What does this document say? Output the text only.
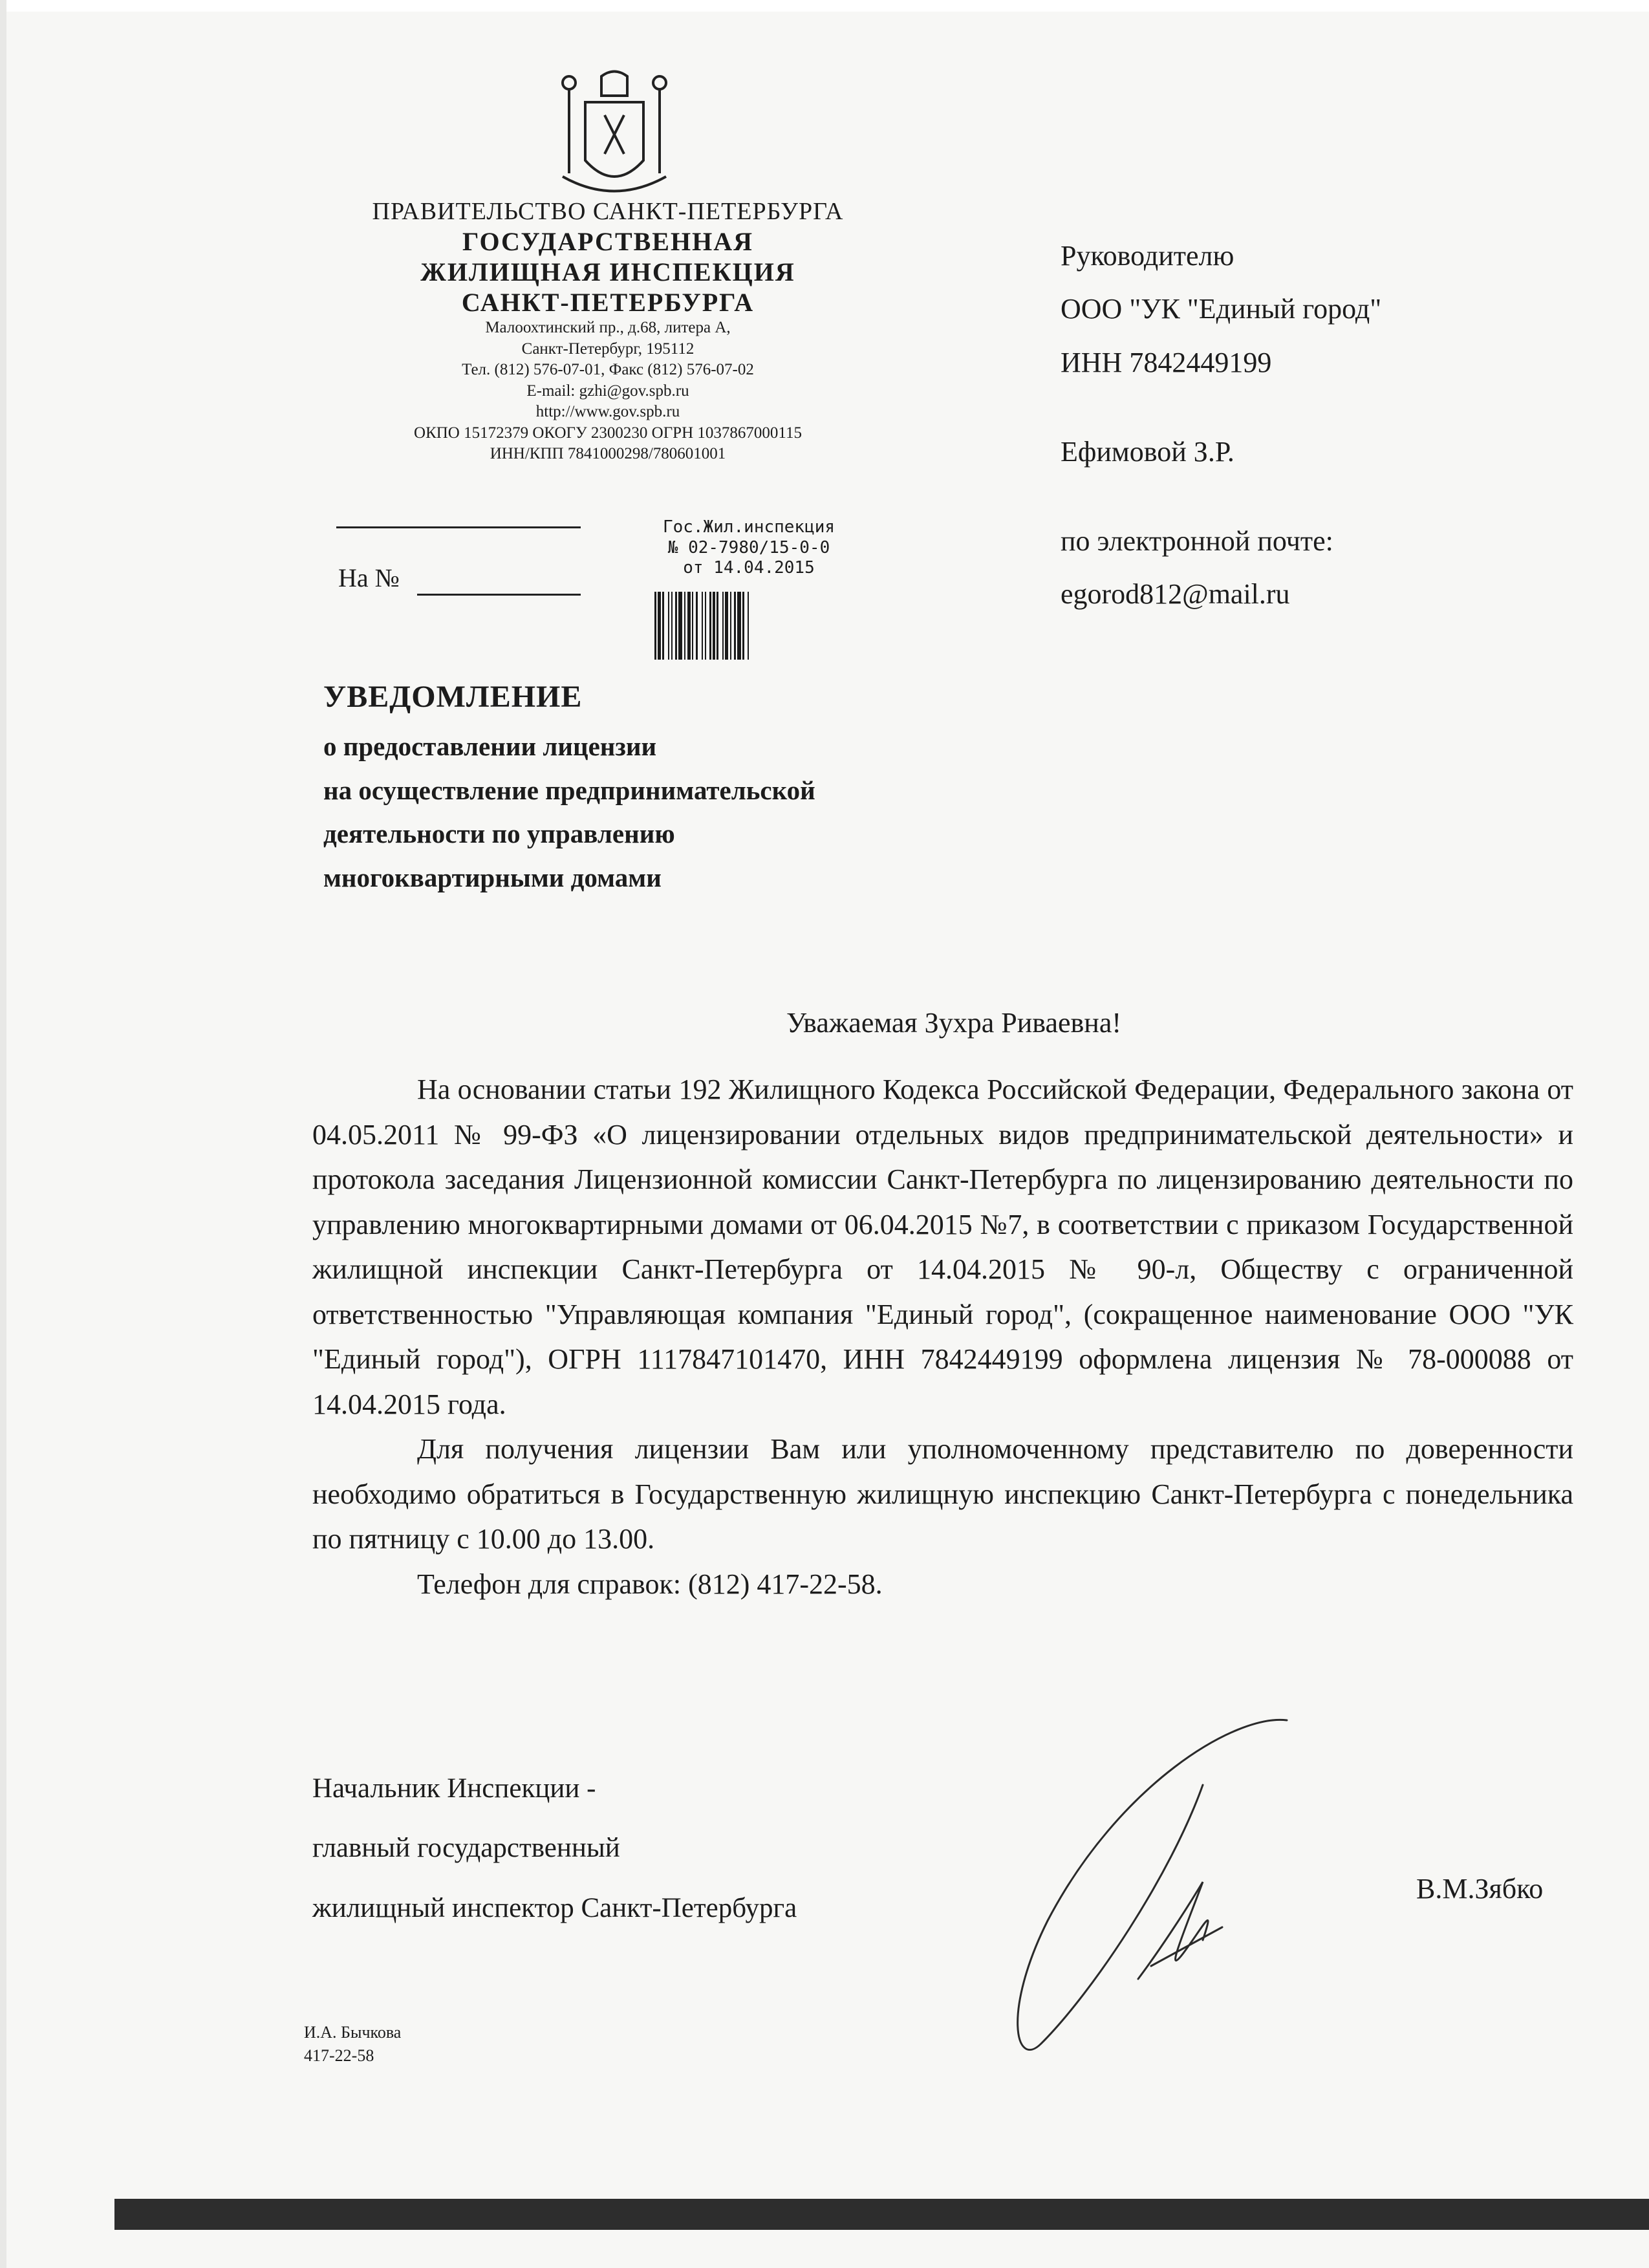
ПРАВИТЕЛЬСТВО САНКТ-ПЕТЕРБУРГА
ГОСУДАРСТВЕННАЯ
ЖИЛИЩНАЯ ИНСПЕКЦИЯ
САНКТ-ПЕТЕРБУРГА
Малоохтинский пр., д.68, литера А,
Санкт-Петербург, 195112
Тел. (812) 576-07-01, Факс (812) 576-07-02
E-mail: gzhi@gov.spb.ru
http://www.gov.spb.ru
ОКПО 15172379 ОКОГУ 2300230 ОГРН 1037867000115
ИНН/КПП 7841000298/780601001
На №
Гос.Жил.инспекция
№ 02-7980/15-0-0
от 14.04.2015
Руководителю
ООО "УК "Единый город"
ИНН 7842449199
Ефимовой З.Р.
по электронной почте:
egorod812@mail.ru
УВЕДОМЛЕНИЕ
о предоставлении лицензии
на осуществление предпринимательской
деятельности по управлению
многоквартирными домами
Уважаемая Зухра Риваевна!

На основании статьи 192 Жилищного Кодекса Российской Федерации, Федерального закона от 04.05.2011 № 99-ФЗ «О лицензировании отдельных видов предпринимательской деятельности» и протокола заседания Лицензионной комиссии Санкт-Петербурга по лицензированию деятельности по управлению многоквартирными домами от 06.04.2015 №7, в соответствии с приказом Государственной жилищной инспекции Санкт-Петербурга от 14.04.2015 № 90-л, Обществу с ограниченной ответственностью "Управляющая компания "Единый город", (сокращенное наименование ООО "УК "Единый город"), ОГРН 1117847101470, ИНН 7842449199 оформлена лицензия № 78-000088 от 14.04.2015 года.

Для получения лицензии Вам или уполномоченному представителю по доверенности необходимо обратиться в Государственную жилищную инспекцию Санкт-Петербурга с понедельника по пятницу с 10.00 до 13.00.

Телефон для справок: (812) 417-22-58.

Начальник Инспекции -
главный государственный
жилищный инспектор Санкт-Петербурга
В.М.Зябко
И.А. Бычкова
417-22-58
